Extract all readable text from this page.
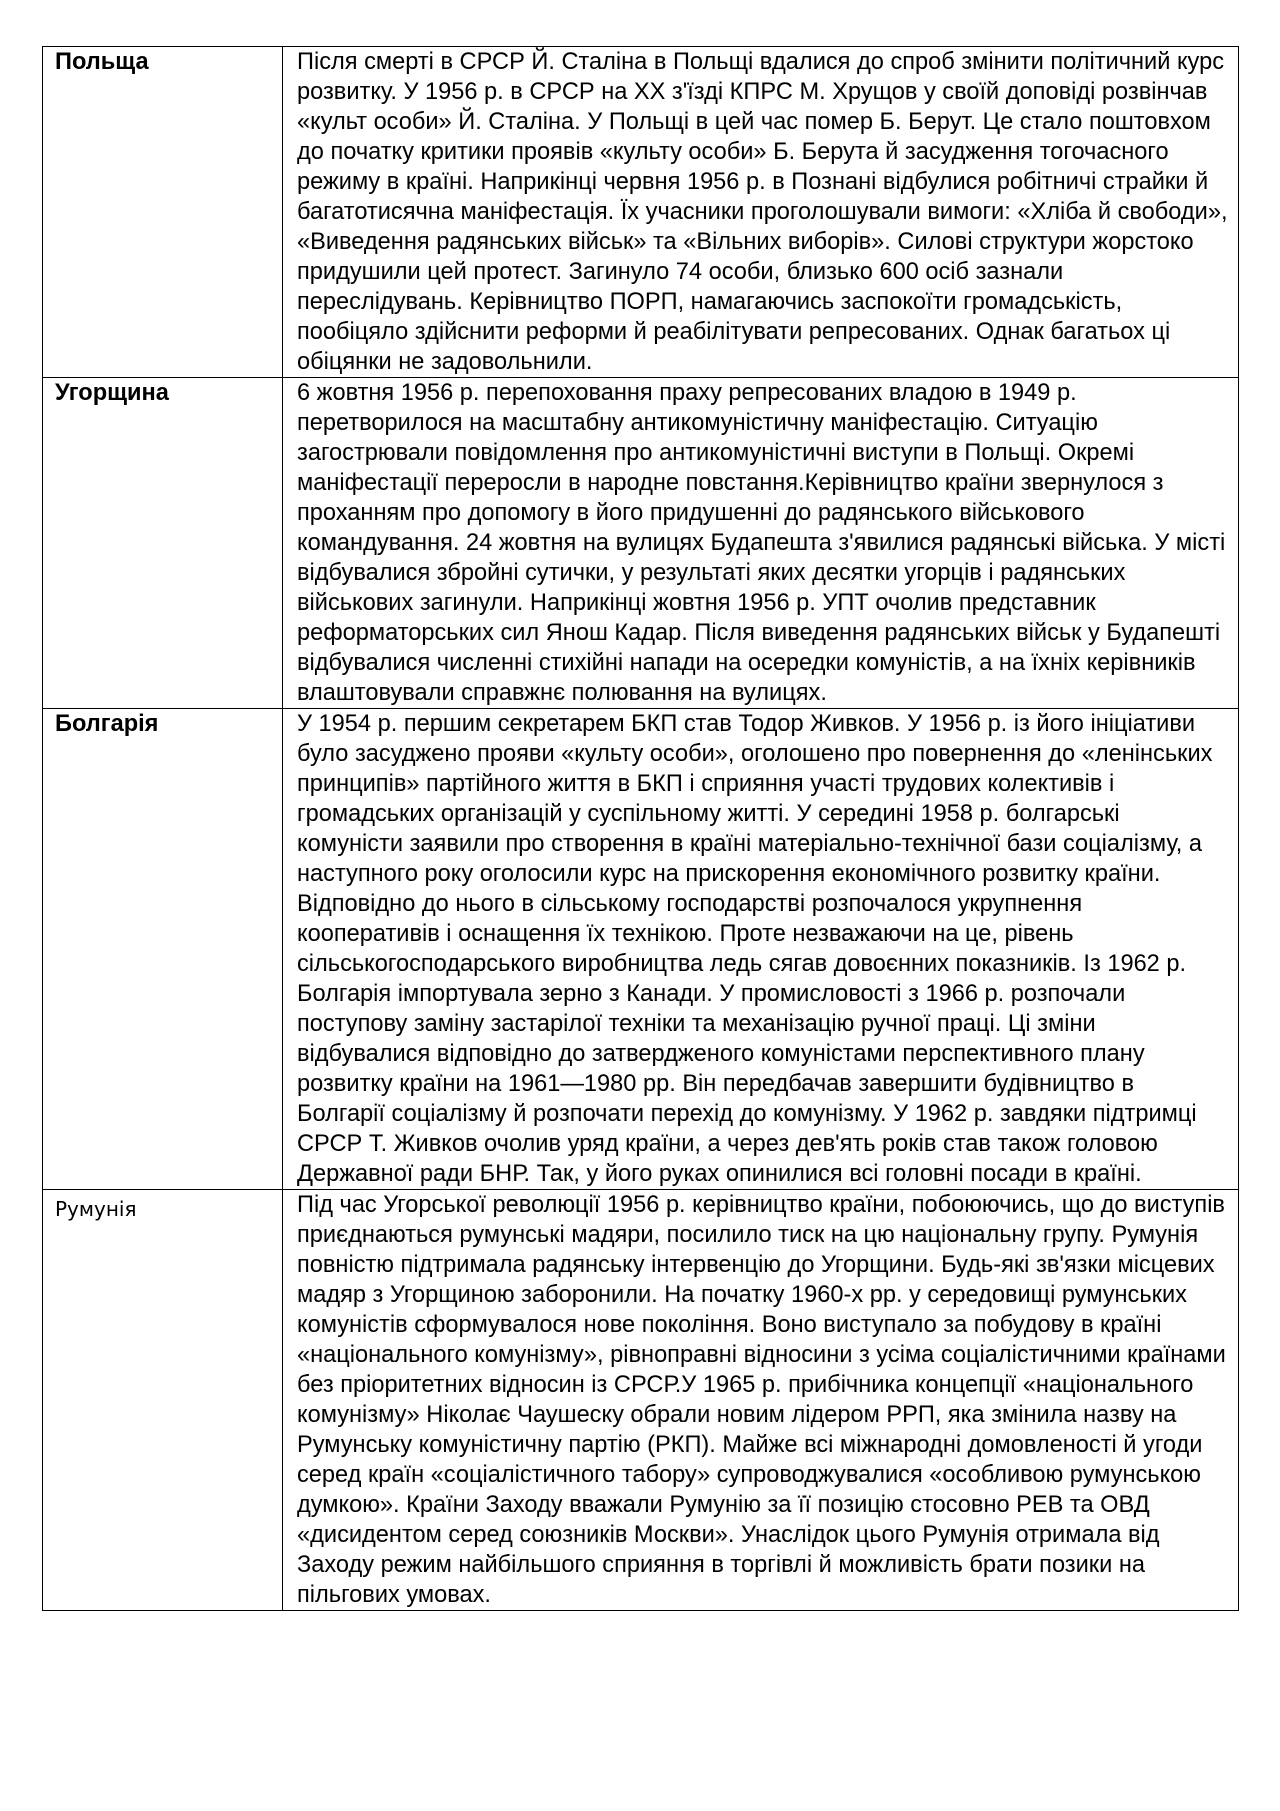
Польща	Після смерті в СРСР Й. Сталіна в Польщі вдалися до спроб змінити політичний курс розвитку. У 1956 р. в СРСР на ХХ з'їзді КПРС М. Хрущов у своїй доповіді розвінчав «культ особи» Й. Сталіна. У Польщі в цей час помер Б. Берут. Це стало поштовхом до початку критики проявів «культу особи» Б. Берута й засудження тогочасного режиму в країні. Наприкінці червня 1956 р. в Познані відбулися робітничі страйки й багатотисячна маніфестація. Їх учасники проголошували вимоги: «Хліба й свободи», «Виведення радянських військ» та «Вільних виборів». Силові структури жорстоко придушили цей протест. Загинуло 74 особи, близько 600 осіб зазнали переслідувань. Керівництво ПОРП, намагаючись заспокоїти громадськість, пообіцяло здійснити реформи й реабілітувати репресованих. Однак багатьох ці обіцянки не задовольнили.

Угорщина	6 жовтня 1956 р. перепоховання праху репресованих владою в 1949 р. перетворилося на масштабну антикомуністичну маніфестацію. Ситуацію загострювали повідомлення про антикомуністичні виступи в Польщі. Окремі маніфестації переросли в народне повстання.Керівництво країни звернулося з проханням про допомогу в його придушенні до радянського військового командування. 24 жовтня на вулицях Будапешта з'явилися радянські війська. У місті відбувалися збройні сутички, у результаті яких десятки угорців і радянських військових загинули. Наприкінці жовтня 1956 р. УПТ очолив представник реформаторських сил Янош Кадар. Після виведення радянських військ у Будапешті відбувалися численні стихійні напади на осередки комуністів, а на їхніх керівників влаштовували справжнє полювання на вулицях.

Болгарія	У 1954 р. першим секретарем БКП став Тодор Живков. У 1956 р. із його ініціативи було засуджено прояви «культу особи», оголошено про повернення до «ленінських принципів» партійного життя в БКП і сприяння участі трудових колективів і громадських організацій у суспільному житті. У середині 1958 р. болгарські комуністи заявили про створення в країні матеріально-технічної бази соціалізму, а наступного року оголосили курс на прискорення економічного розвитку країни. Відповідно до нього в сільському господарстві розпочалося укрупнення кооперативів і оснащення їх технікою. Проте незважаючи на це, рівень сільськогосподарського виробництва ледь сягав довоєнних показників. Із 1962 р. Болгарія імпортувала зерно з Канади. У промисловості з 1966 р. розпочали поступову заміну застарілої техніки та механізацію ручної праці. Ці зміни відбувалися відповідно до затвердженого комуністами перспективного плану розвитку країни на 1961—1980 рр. Він передбачав завершити будівництво в Болгарії соціалізму й розпочати перехід до комунізму. У 1962 р. завдяки підтримці СРСР Т. Живков очолив уряд країни, а через дев'ять років став також головою Державної ради БНР. Так, у його руках опинилися всі головні посади в країні.

Румунія	Під час Угорської революції 1956 р. керівництво країни, побоюючись, що до виступів приєднаються румунські мадяри, посилило тиск на цю національну групу. Румунія повністю підтримала радянську інтервенцію до Угорщини. Будь-які зв'язки місцевих мадяр з Угорщиною заборонили. На початку 1960-х рр. у середовищі румунських комуністів сформувалося нове покоління. Воно виступало за побудову в країні «національного комунізму», рівноправні відносини з усіма соціалістичними країнами без пріоритетних відносин із СРСР.У 1965 р. прибічника концепції «національного комунізму» Ніколає Чаушеску обрали новим лідером РРП, яка змінила назву на Румунську комуністичну партію (РКП). Майже всі міжнародні домовленості й угоди серед країн «соціалістичного табору» супроводжувалися «особливою румунською думкою». Країни Заходу вважали Румунію за її позицію стосовно РЕВ та ОВД «дисидентом серед союзників Москви». Унаслідок цього Румунія отримала від Заходу режим найбільшого сприяння в торгівлі й можливість брати позики на пільгових умовах.
